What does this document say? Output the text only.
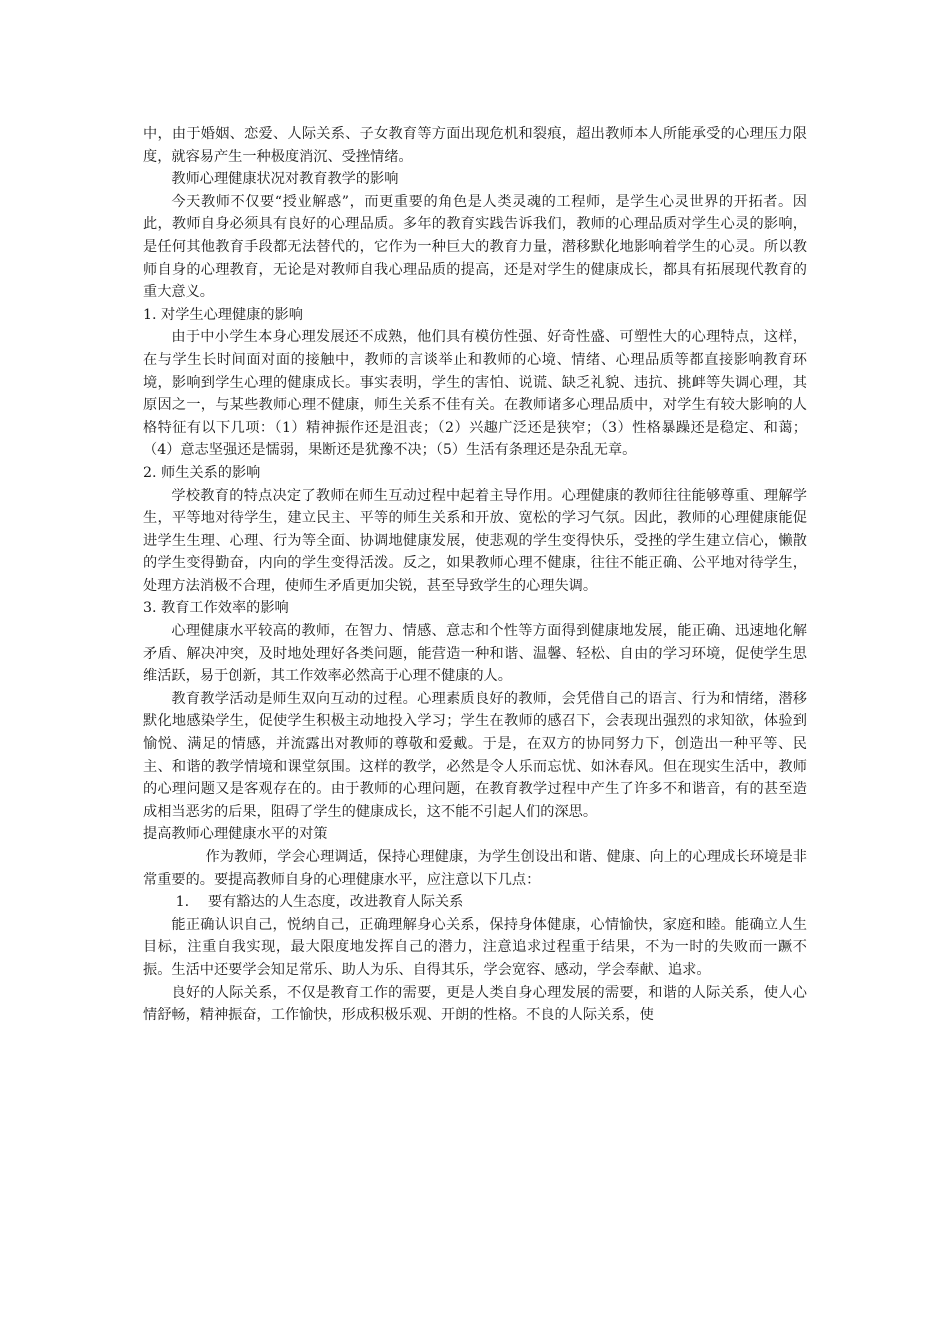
中，由于婚姻、恋爱、人际关系、子女教育等方面出现危机和裂痕，超出教师本人所能承受的心理压力限度，就容易产生一种极度消沉、受挫情绪。

教师心理健康状况对教育教学的影响

今天教师不仅要“授业解惑”，而更重要的角色是人类灵魂的工程师，是学生心灵世界的开拓者。因此，教师自身必须具有良好的心理品质。多年的教育实践告诉我们，教师的心理品质对学生心灵的影响，是任何其他教育手段都无法替代的，它作为一种巨大的教育力量，潜移默化地影响着学生的心灵。所以教师自身的心理教育，无论是对教师自我心理品质的提高，还是对学生的健康成长，都具有拓展现代教育的重大意义。

1. 对学生心理健康的影响

由于中小学生本身心理发展还不成熟，他们具有模仿性强、好奇性盛、可塑性大的心理特点，这样，在与学生长时间面对面的接触中，教师的言谈举止和教师的心境、情绪、心理品质等都直接影响教育环境，影响到学生心理的健康成长。事实表明，学生的害怕、说谎、缺乏礼貌、违抗、挑衅等失调心理，其原因之一，与某些教师心理不健康，师生关系不佳有关。在教师诸多心理品质中，对学生有较大影响的人格特征有以下几项：（1）精神振作还是沮丧；（2）兴趣广泛还是狭窄；（3）性格暴躁还是稳定、和蔼；（4）意志坚强还是懦弱，果断还是犹豫不决；（5）生活有条理还是杂乱无章。

2. 师生关系的影响

学校教育的特点决定了教师在师生互动过程中起着主导作用。心理健康的教师往往能够尊重、理解学生，平等地对待学生，建立民主、平等的师生关系和开放、宽松的学习气氛。因此，教师的心理健康能促进学生生理、心理、行为等全面、协调地健康发展，使悲观的学生变得快乐，受挫的学生建立信心，懒散的学生变得勤奋，内向的学生变得活泼。反之，如果教师心理不健康，往往不能正确、公平地对待学生，处理方法消极不合理，使师生矛盾更加尖锐，甚至导致学生的心理失调。

3. 教育工作效率的影响

心理健康水平较高的教师，在智力、情感、意志和个性等方面得到健康地发展，能正确、迅速地化解矛盾、解决冲突，及时地处理好各类问题，能营造一种和谐、温馨、轻松、自由的学习环境，促使学生思维活跃，易于创新，其工作效率必然高于心理不健康的人。

教育教学活动是师生双向互动的过程。心理素质良好的教师，会凭借自己的语言、行为和情绪，潜移默化地感染学生，促使学生积极主动地投入学习；学生在教师的感召下，会表现出强烈的求知欲，体验到愉悦、满足的情感，并流露出对教师的尊敬和爱戴。于是，在双方的协同努力下，创造出一种平等、民主、和谐的教学情境和课堂氛围。这样的教学，必然是令人乐而忘忧、如沐春风。但在现实生活中，教师的心理问题又是客观存在的。由于教师的心理问题，在教育教学过程中产生了许多不和谐音，有的甚至造成相当恶劣的后果，阻碍了学生的健康成长，这不能不引起人们的深思。

提高教师心理健康水平的对策

作为教师，学会心理调适，保持心理健康，为学生创设出和谐、健康、向上的心理成长环境是非常重要的。要提高教师自身的心理健康水平，应注意以下几点：

1.　 要有豁达的人生态度，改进教育人际关系

能正确认识自己，悦纳自己，正确理解身心关系，保持身体健康，心情愉快，家庭和睦。能确立人生目标，注重自我实现，最大限度地发挥自己的潜力，注意追求过程重于结果，不为一时的失败而一蹶不振。生活中还要学会知足常乐、助人为乐、自得其乐，学会宽容、感动，学会奉献、追求。

良好的人际关系，不仅是教育工作的需要，更是人类自身心理发展的需要，和谐的人际关系，使人心情舒畅，精神振奋，工作愉快，形成积极乐观、开朗的性格。不良的人际关系，使
